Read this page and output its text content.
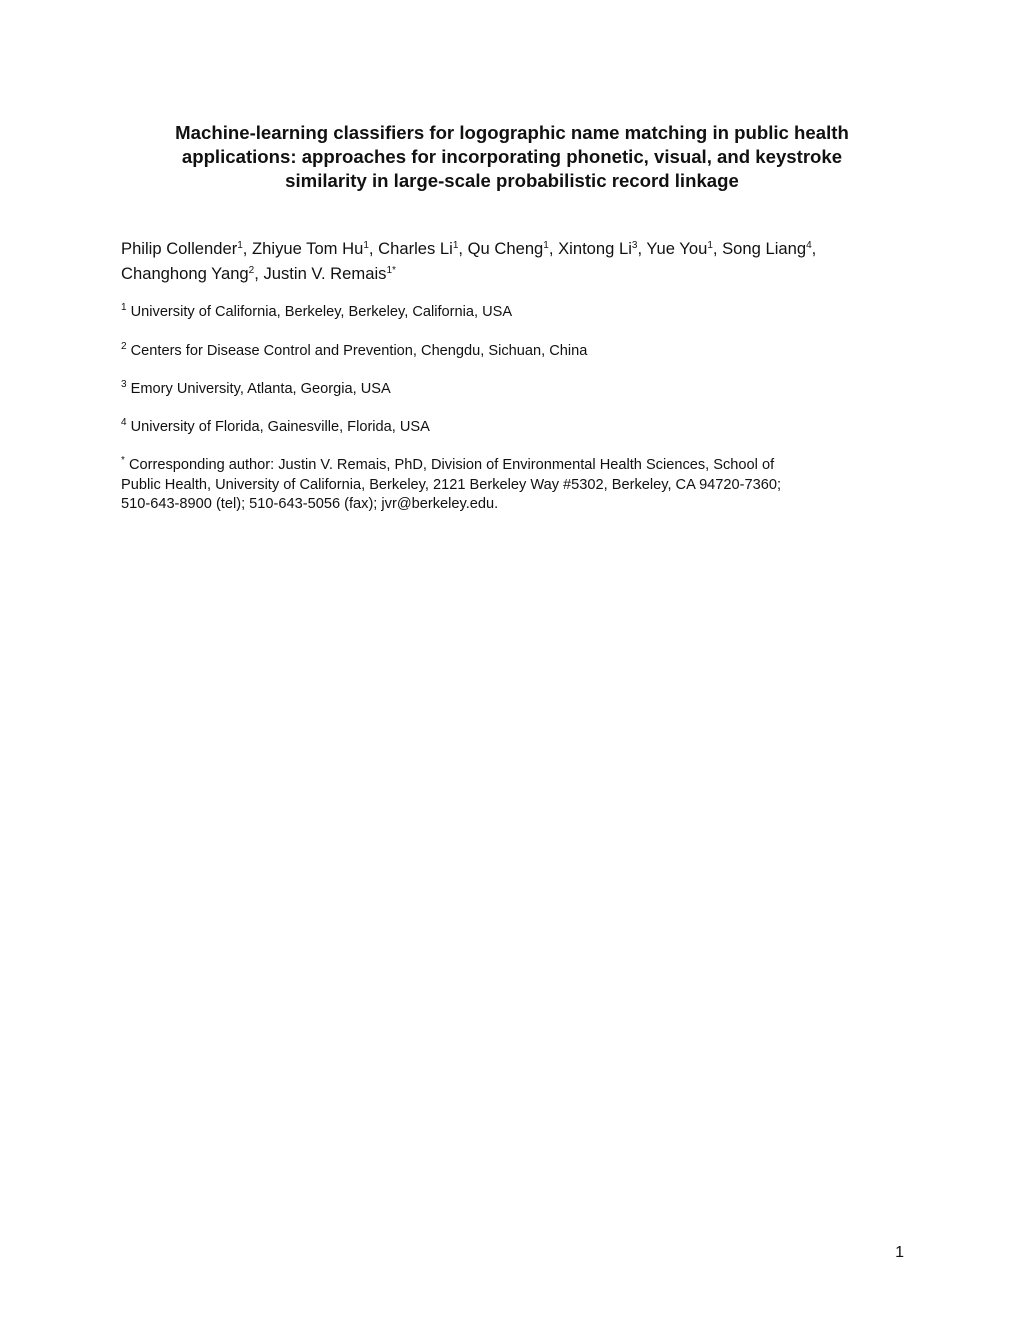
Machine-learning classifiers for logographic name matching in public health
applications: approaches for incorporating phonetic, visual, and keystroke
similarity in large-scale probabilistic record linkage
Philip Collender$^1$, Zhiyue Tom Hu$^1$, Charles Li$^1$, Qu Cheng$^1$, Xintong Li$^3$, Yue You$^1$, Song Liang$^4$,
Changhong Yang$^2$, Justin V. Remais$^{1*}$
$^1$ University of California, Berkeley, Berkeley, California, USA
$^2$ Centers for Disease Control and Prevention, Chengdu, Sichuan, China
$^3$ Emory University, Atlanta, Georgia, USA
$^4$ University of Florida, Gainesville, Florida, USA
* Corresponding author: Justin V. Remais, PhD, Division of Environmental Health Sciences, School of
Public Health, University of California, Berkeley, 2121 Berkeley Way #5302, Berkeley, CA 94720-7360;
510-643-8900 (tel); 510-643-5056 (fax); jvr@berkeley.edu.
1
